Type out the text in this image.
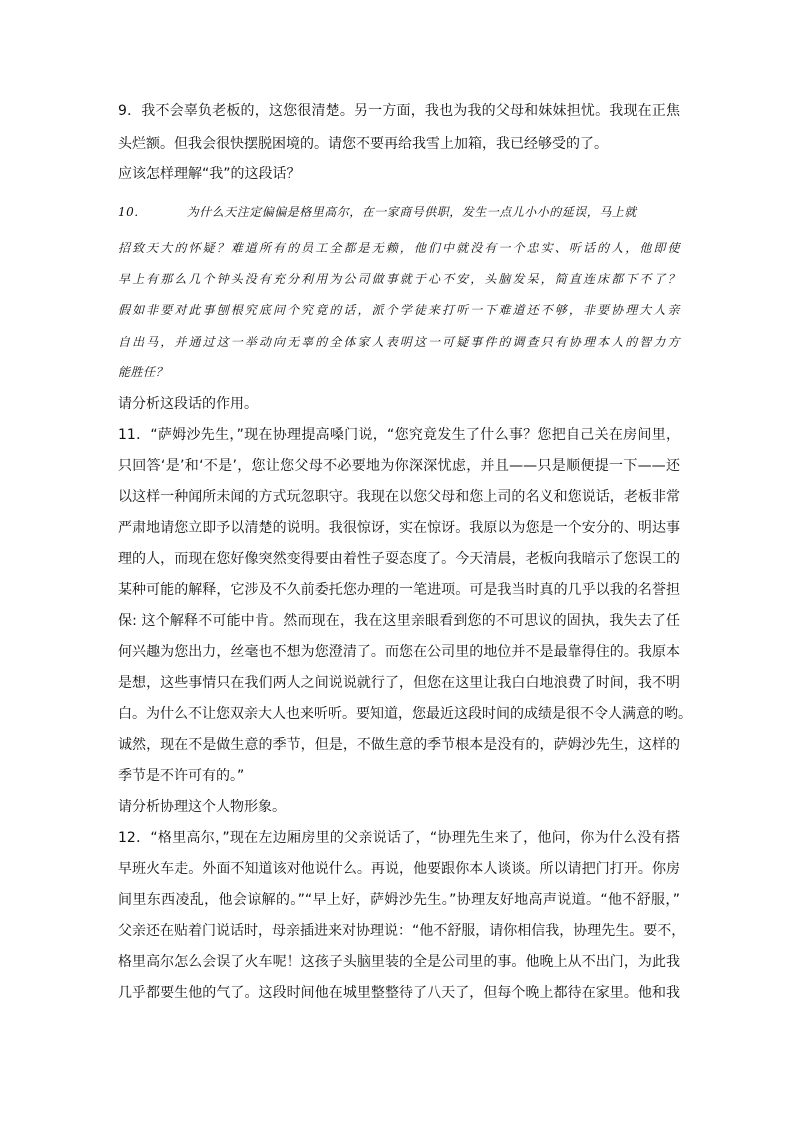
9．我不会辜负老板的，这您很清楚。另一方面，我也为我的父母和妹妹担忧。我现在正焦
头烂额。但我会很快摆脱困境的。请您不要再给我雪上加箱，我已经够受的了。
应该怎样理解“我”的这段话？
10．	为什么天注定偏偏是格里高尔，在一家商号供职，发生一点儿小小的延误，马上就
招致天大的怀疑？难道所有的员工全都是无赖，他们中就没有一个忠实、听话的人，他即使
早上有那么几个钟头没有充分利用为公司做事就于心不安，头脑发呆，简直连床都下不了？
假如非要对此事刨根究底问个究竟的话，派个学徒来打听一下难道还不够，非要协理大人亲
自出马，并通过这一举动向无辜的全体家人表明这一可疑事件的调查只有协理本人的智力方
能胜任？
请分析这段话的作用。
11．“萨姆沙先生，”现在协理提高嗓门说，“您究竟发生了什么事？您把自己关在房间里，
只回答‘是’和‘不是’，您让您父母不必要地为你深深忧虑，并且——只是顺便提一下——还
以这样一种闻所未闻的方式玩忽职守。我现在以您父母和您上司的名义和您说话，老板非常
严肃地请您立即予以清楚的说明。我很惊讶，实在惊讶。我原以为您是一个安分的、明达事
理的人，而现在您好像突然变得要由着性子耍态度了。今天清晨，老板向我暗示了您误工的
某种可能的解释，它涉及不久前委托您办理的一笔进项。可是我当时真的几乎以我的名誉担
保: 这个解释不可能中肯。然而现在，我在这里亲眼看到您的不可思议的固执，我失去了任
何兴趣为您出力，丝毫也不想为您澄清了。而您在公司里的地位并不是最靠得住的。我原本
是想，这些事情只在我们两人之间说说就行了，但您在这里让我白白地浪费了时间，我不明
白。为什么不让您双亲大人也来听听。要知道，您最近这段时间的成绩是很不令人满意的哟。
诚然，现在不是做生意的季节，但是，不做生意的季节根本是没有的，萨姆沙先生，这样的
季节是不许可有的。”
请分析协理这个人物形象。
12．“格里高尔，”现在左边厢房里的父亲说话了，“协理先生来了，他问，你为什么没有搭
早班火车走。外面不知道该对他说什么。再说，他要跟你本人谈谈。所以请把门打开。你房
间里东西凌乱，他会谅解的。”“早上好，萨姆沙先生。”协理友好地高声说道。“他不舒服，”
父亲还在贴着门说话时，母亲插进来对协理说：“他不舒服，请你相信我，协理先生。要不，
格里高尔怎么会误了火车呢！这孩子头脑里装的全是公司里的事。他晚上从不出门，为此我
几乎都要生他的气了。这段时间他在城里整整待了八天了，但每个晚上都待在家里。他和我
